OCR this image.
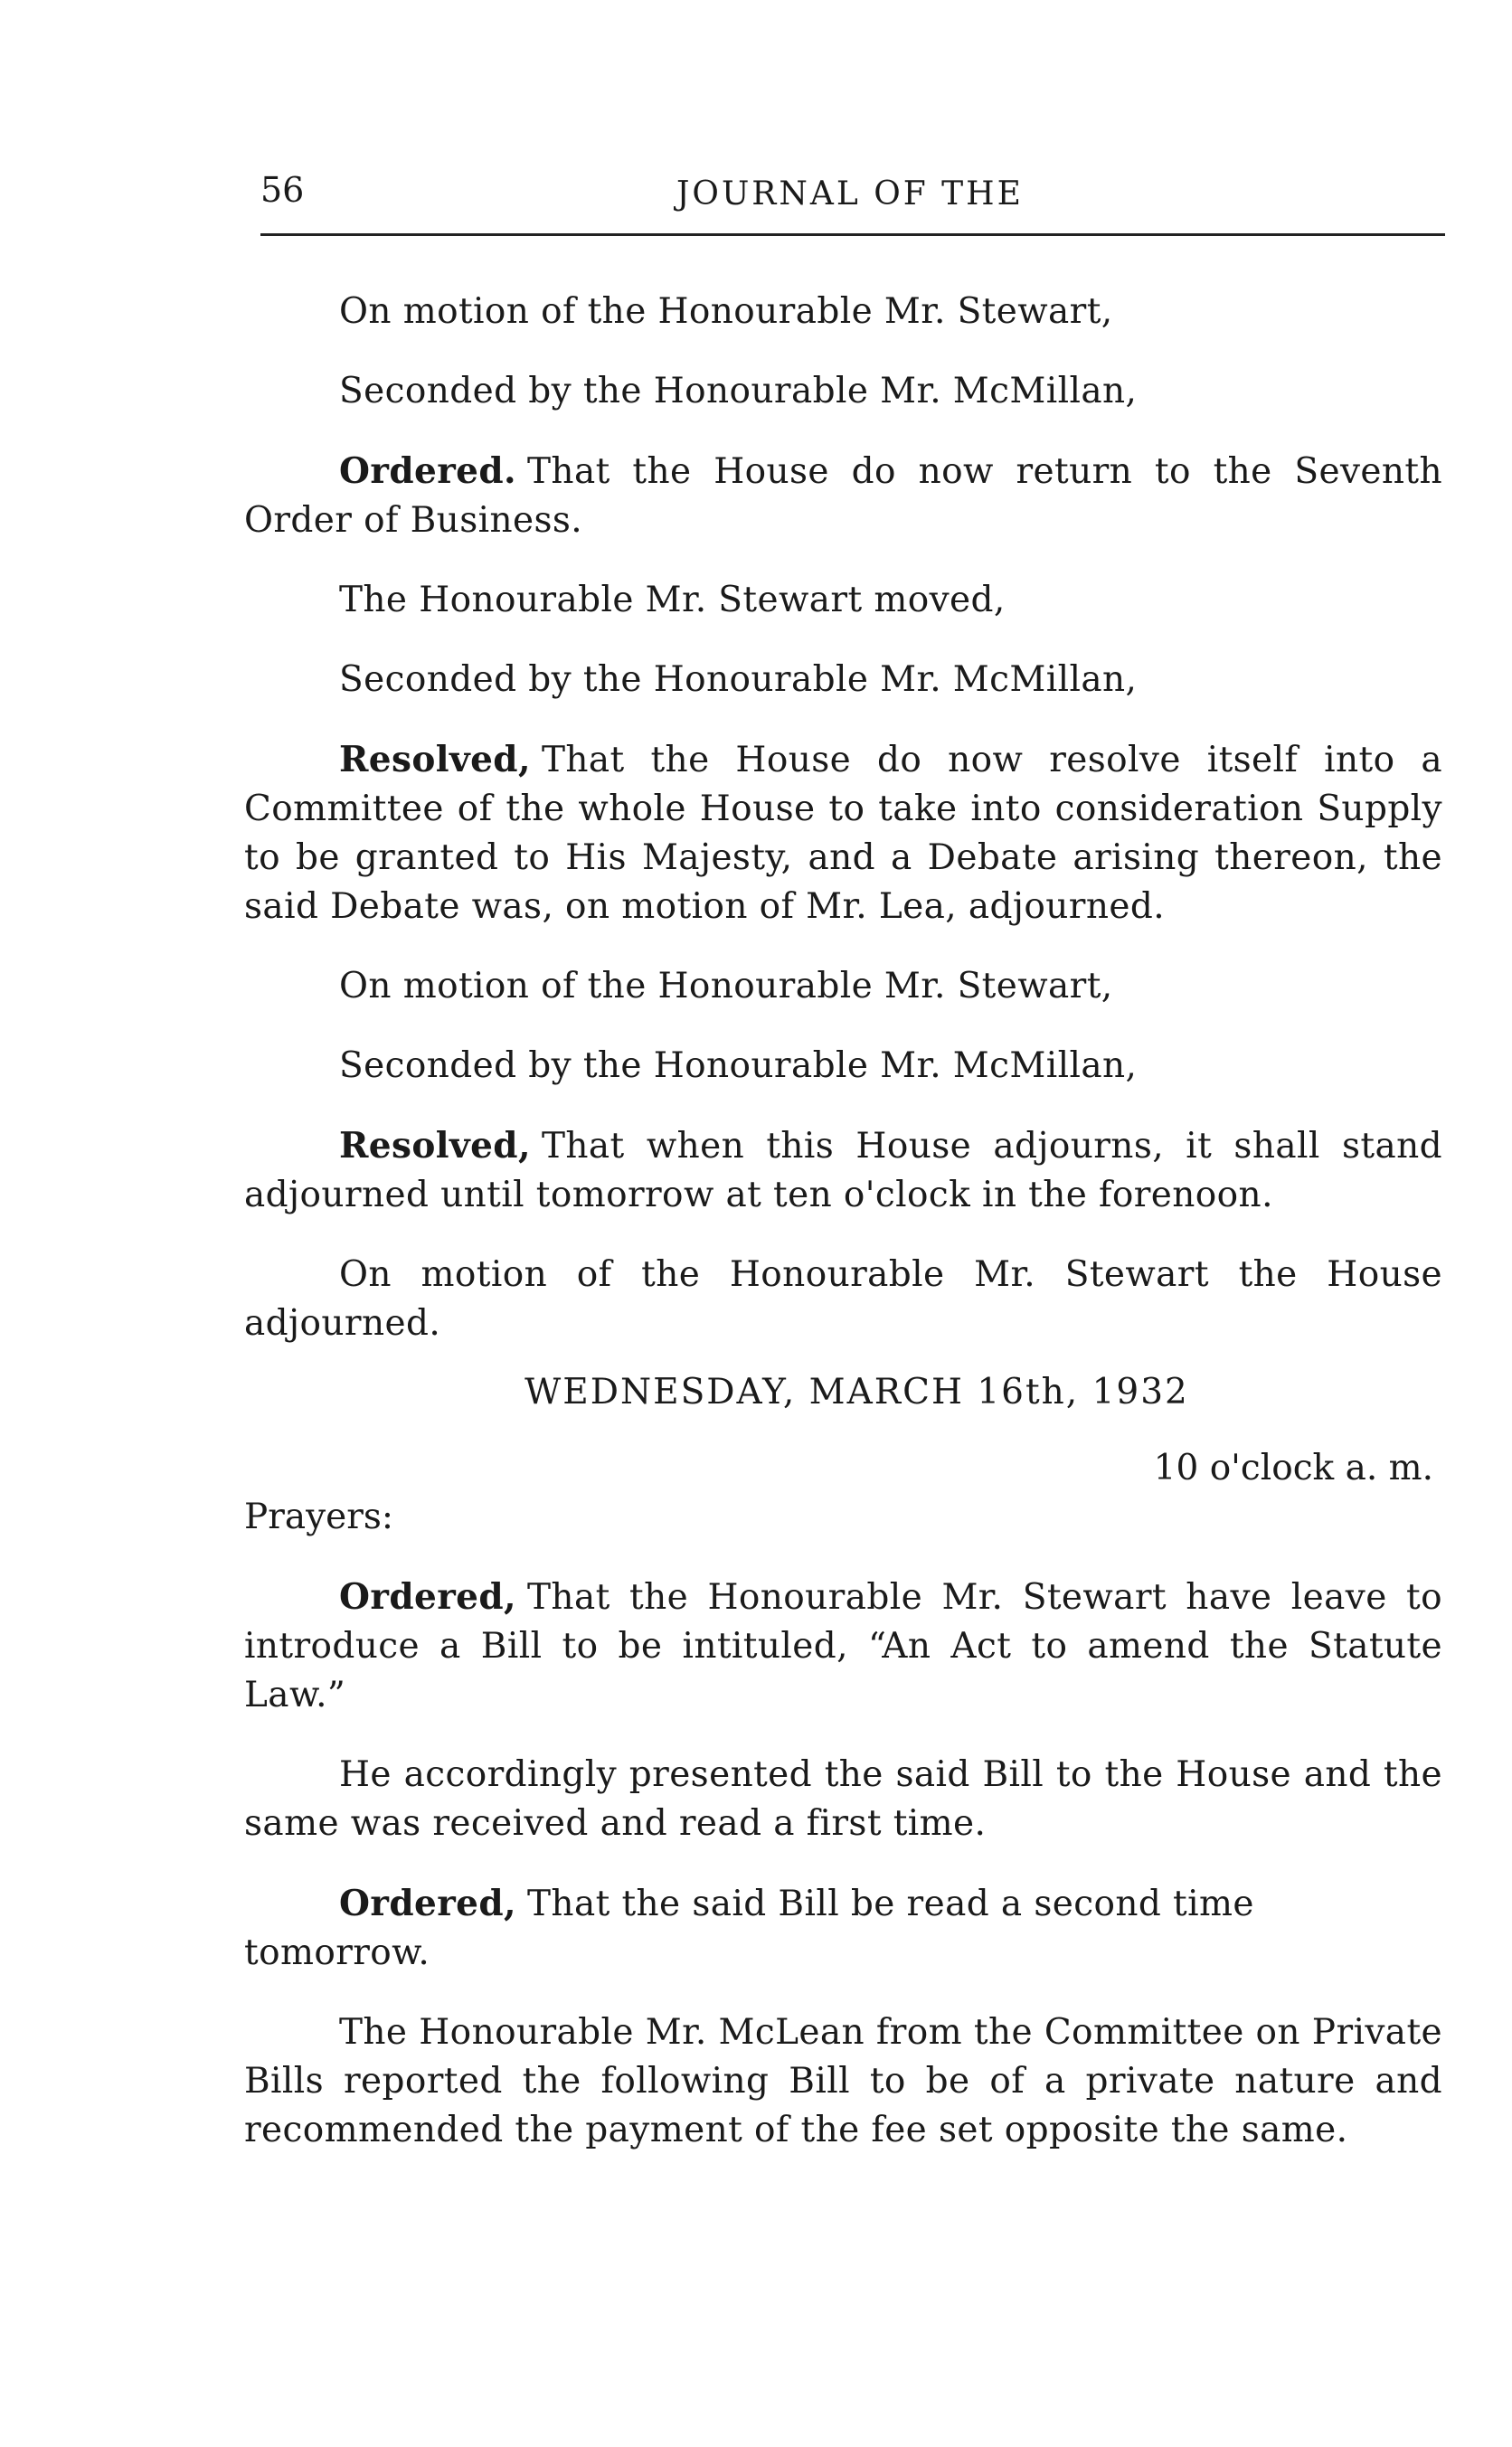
56	JOURNAL OF THE

On motion of the Honourable Mr. Stewart,

Seconded by the Honourable Mr. McMillan,

Ordered. That the House do now return to the Seventh Order of Business.

The Honourable Mr. Stewart moved,

Seconded by the Honourable Mr. McMillan,

Resolved, That the House do now resolve itself into a Committee of the whole House to take into consideration Supply to be granted to His Majesty, and a Debate arising thereon, the said Debate was, on motion of Mr. Lea, adjourned.

On motion of the Honourable Mr. Stewart,

Seconded by the Honourable Mr. McMillan,

Resolved, That when this House adjourns, it shall stand adjourned until tomorrow at ten o'clock in the forenoon.

On motion of the Honourable Mr. Stewart the House adjourned.

WEDNESDAY, MARCH 16th, 1932
10 o'clock a. m.
Prayers:

Ordered, That the Honourable Mr. Stewart have leave to introduce a Bill to be intituled, “An Act to amend the Statute Law.”

He accordingly presented the said Bill to the House and the same was received and read a first time.

Ordered, That the said Bill be read a second time tomorrow.

The Honourable Mr. McLean from the Committee on Private Bills reported the following Bill to be of a private nature and recommended the payment of the fee set opposite the same.
